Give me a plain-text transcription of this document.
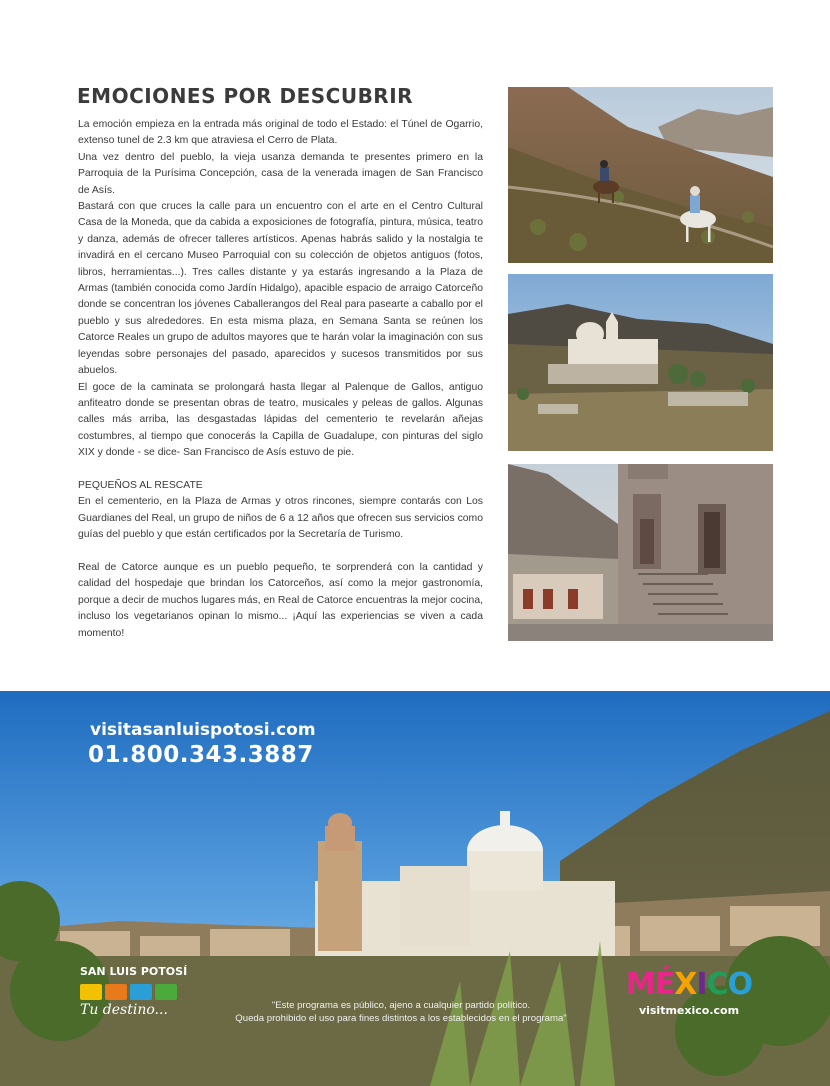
EMOCIONES POR DESCUBRIR

La emoción empieza en la entrada más original de todo el Estado: el Túnel de Ogarrio, extenso tunel de 2.3 km que atraviesa el Cerro de Plata.

Una vez dentro del pueblo, la vieja usanza demanda te presentes primero en la Parroquia de la Purísima Concepción, casa de la venerada imagen de San Francisco de Asís.

Bastará con que cruces la calle para un encuentro con el arte en el Centro Cultural Casa de la Moneda, que da cabida a exposiciones de fotografía, pintura, música, teatro y danza, además de ofrecer talleres artísticos. Apenas habrás salido y la nostalgia te invadirá en el cercano Museo Parroquial con su colección de objetos antiguos (fotos, libros, herramientas...). Tres calles distante y ya estarás ingresando a la Plaza de Armas (también conocida como Jardín Hidalgo), apacible espacio de arraigo Catorceño donde se concentran los jóvenes Caballerangos del Real para pasearte a caballo por el pueblo y sus alrededores. En esta misma plaza, en Semana Santa se reúnen los Catorce Reales un grupo de adultos mayores que te harán volar la imaginación con sus leyendas sobre personajes del pasado, aparecidos y sucesos transmitidos por sus abuelos.

El goce de la caminata se prolongará hasta llegar al Palenque de Gallos, antiguo anfiteatro donde se presentan obras de teatro, musicales y peleas de gallos. Algunas calles más arriba, las desgastadas lápidas del cementerio te revelarán añejas costumbres, al tiempo que conocerás la Capilla de Guadalupe, con pinturas del siglo XIX y donde - se dice- San Francisco de Asís estuvo de pie.

PEQUEÑOS AL RESCATE

En el cementerio, en la Plaza de Armas y otros rincones, siempre contarás con Los Guardianes del Real, un grupo de niños de 6 a 12 años que ofrecen sus servicios como guías del pueblo y que están certificados por la Secretaría de Turismo.

Real de Catorce aunque es un pueblo pequeño, te sorprenderá con la cantidad y calidad del hospedaje que brindan los Catorceños, así como la mejor gastronomía, porque a decir de muchos lugares más, en Real de Catorce encuentras la mejor cocina, incluso los vegetarianos opinan lo mismo... ¡Aquí las experiencias se viven a cada momento!

visitasanluispotosi.com
01.800.343.3887
SAN LUIS POTOSÍ
Tu destino...	"Este programa es público, ajeno a cualquier partido político.
Queda prohibido el uso para fines distintos a los establecidos en el programa"
MÉXICO
visitmexico.com
